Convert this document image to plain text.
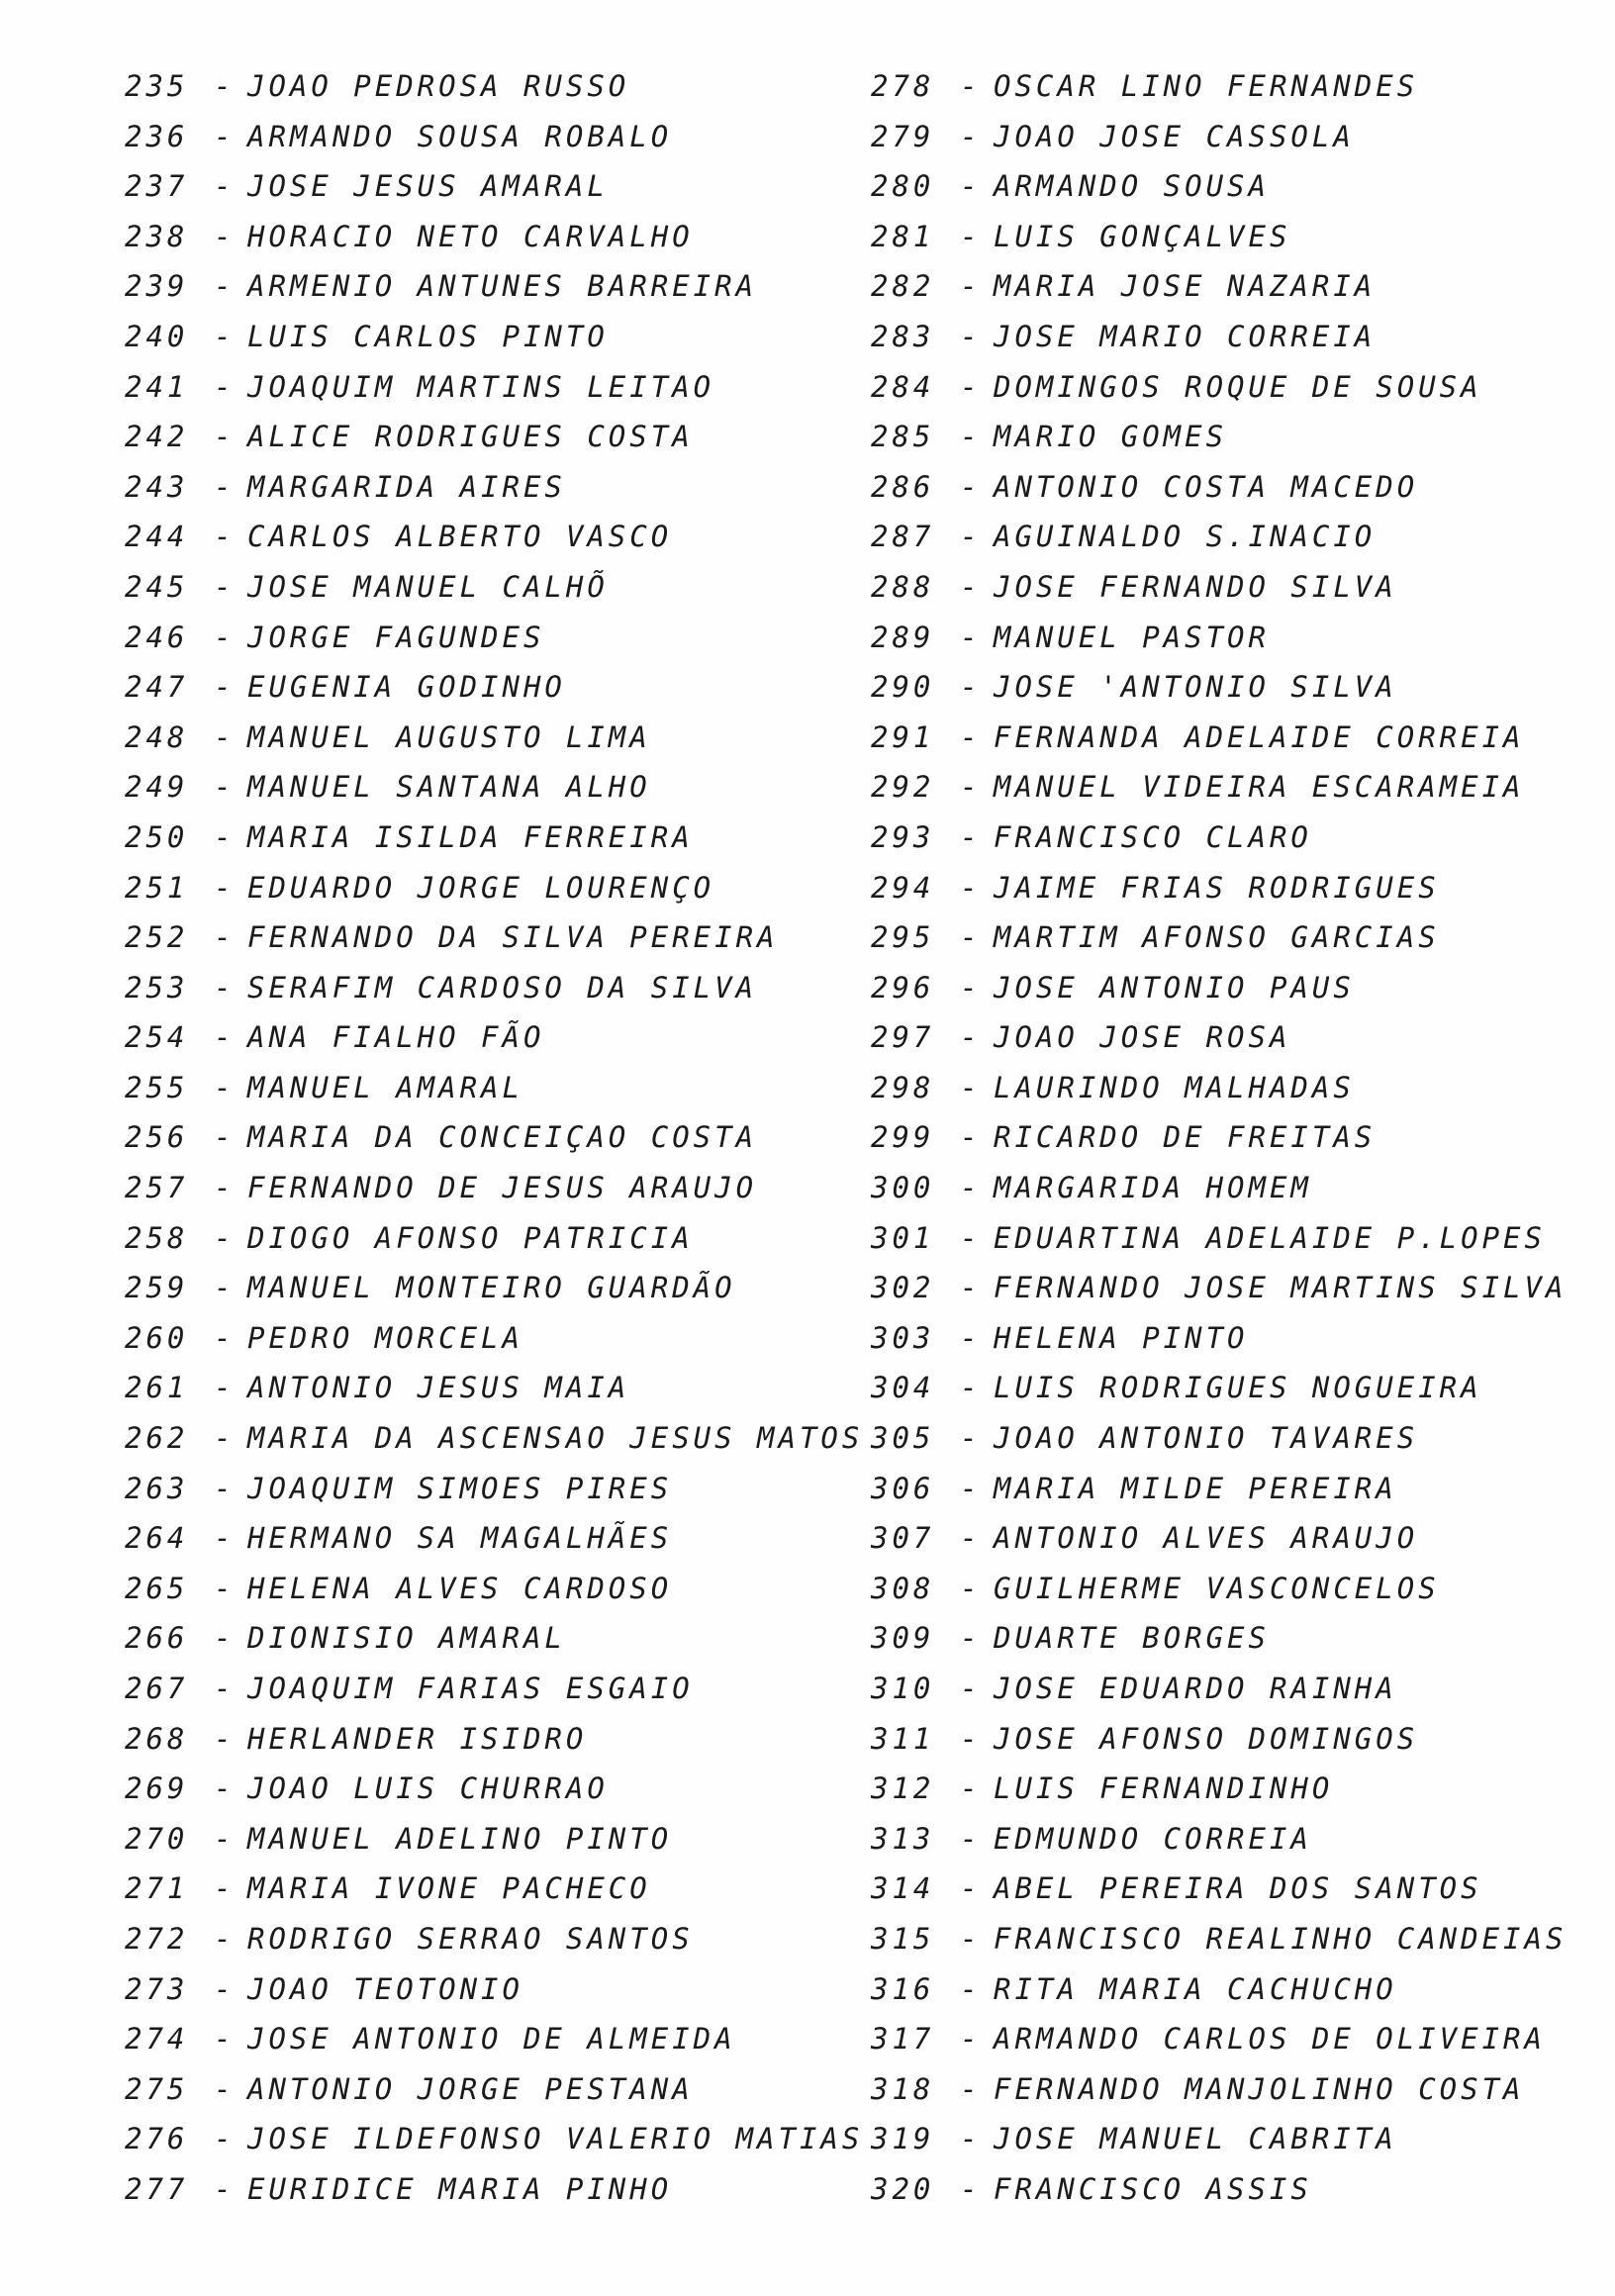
235 - JOAO PEDROSA RUSSO
236 - ARMANDO SOUSA ROBALO
237 - JOSE JESUS AMARAL
238 - HORACIO NETO CARVALHO
239 - ARMENIO ANTUNES BARREIRA
240 - LUIS CARLOS PINTO
241 - JOAQUIM MARTINS LEITAO
242 - ALICE RODRIGUES COSTA
243 - MARGARIDA AIRES
244 - CARLOS ALBERTO VASCO
245 - JOSE MANUEL CALHÕ
246 - JORGE FAGUNDES
247 - EUGENIA GODINHO
248 - MANUEL AUGUSTO LIMA
249 - MANUEL SANTANA ALHO
250 - MARIA ISILDA FERREIRA
251 - EDUARDO JORGE LOURENÇO
252 - FERNANDO DA SILVA PEREIRA
253 - SERAFIM CARDOSO DA SILVA
254 - ANA FIALHO FÃO
255 - MANUEL AMARAL
256 - MARIA DA CONCEIÇAO COSTA
257 - FERNANDO DE JESUS ARAUJO
258 - DIOGO AFONSO PATRICIA
259 - MANUEL MONTEIRO GUARDÃO
260 - PEDRO MORCELA
261 - ANTONIO JESUS MAIA
262 - MARIA DA ASCENSAO JESUS MATOS
263 - JOAQUIM SIMOES PIRES
264 - HERMANO SA MAGALHÃES
265 - HELENA ALVES CARDOSO
266 - DIONISIO AMARAL
267 - JOAQUIM FARIAS ESGAIO
268 - HERLANDER ISIDRO
269 - JOAO LUIS CHURRAO
270 - MANUEL ADELINO PINTO
271 - MARIA IVONE PACHECO
272 - RODRIGO SERRAO SANTOS
273 - JOAO TEOTONIO
274 - JOSE ANTONIO DE ALMEIDA
275 - ANTONIO JORGE PESTANA
276 - JOSE ILDEFONSO VALERIO MATIAS
277 - EURIDICE MARIA PINHO
278 - OSCAR LINO FERNANDES
279 - JOAO JOSE CASSOLA
280 - ARMANDO SOUSA
281 - LUIS GONÇALVES
282 - MARIA JOSE NAZARIA
283 - JOSE MARIO CORREIA
284 - DOMINGOS ROQUE DE SOUSA
285 - MARIO GOMES
286 - ANTONIO COSTA MACEDO
287 - AGUINALDO S.INACIO
288 - JOSE FERNANDO SILVA
289 - MANUEL PASTOR
290 - JOSE 'ANTONIO SILVA
291 - FERNANDA ADELAIDE CORREIA
292 - MANUEL VIDEIRA ESCARAMEIA
293 - FRANCISCO CLARO
294 - JAIME FRIAS RODRIGUES
295 - MARTIM AFONSO GARCIAS
296 - JOSE ANTONIO PAUS
297 - JOAO JOSE ROSA
298 - LAURINDO MALHADAS
299 - RICARDO DE FREITAS
300 - MARGARIDA HOMEM
301 - EDUARTINA ADELAIDE P.LOPES
302 - FERNANDO JOSE MARTINS SILVA
303 - HELENA PINTO
304 - LUIS RODRIGUES NOGUEIRA
305 - JOAO ANTONIO TAVARES
306 - MARIA MILDE PEREIRA
307 - ANTONIO ALVES ARAUJO
308 - GUILHERME VASCONCELOS
309 - DUARTE BORGES
310 - JOSE EDUARDO RAINHA
311 - JOSE AFONSO DOMINGOS
312 - LUIS FERNANDINHO
313 - EDMUNDO CORREIA
314 - ABEL PEREIRA DOS SANTOS
315 - FRANCISCO REALINHO CANDEIAS
316 - RITA MARIA CACHUCHO
317 - ARMANDO CARLOS DE OLIVEIRA
318 - FERNANDO MANJOLINHO COSTA
319 - JOSE MANUEL CABRITA
320 - FRANCISCO ASSIS
